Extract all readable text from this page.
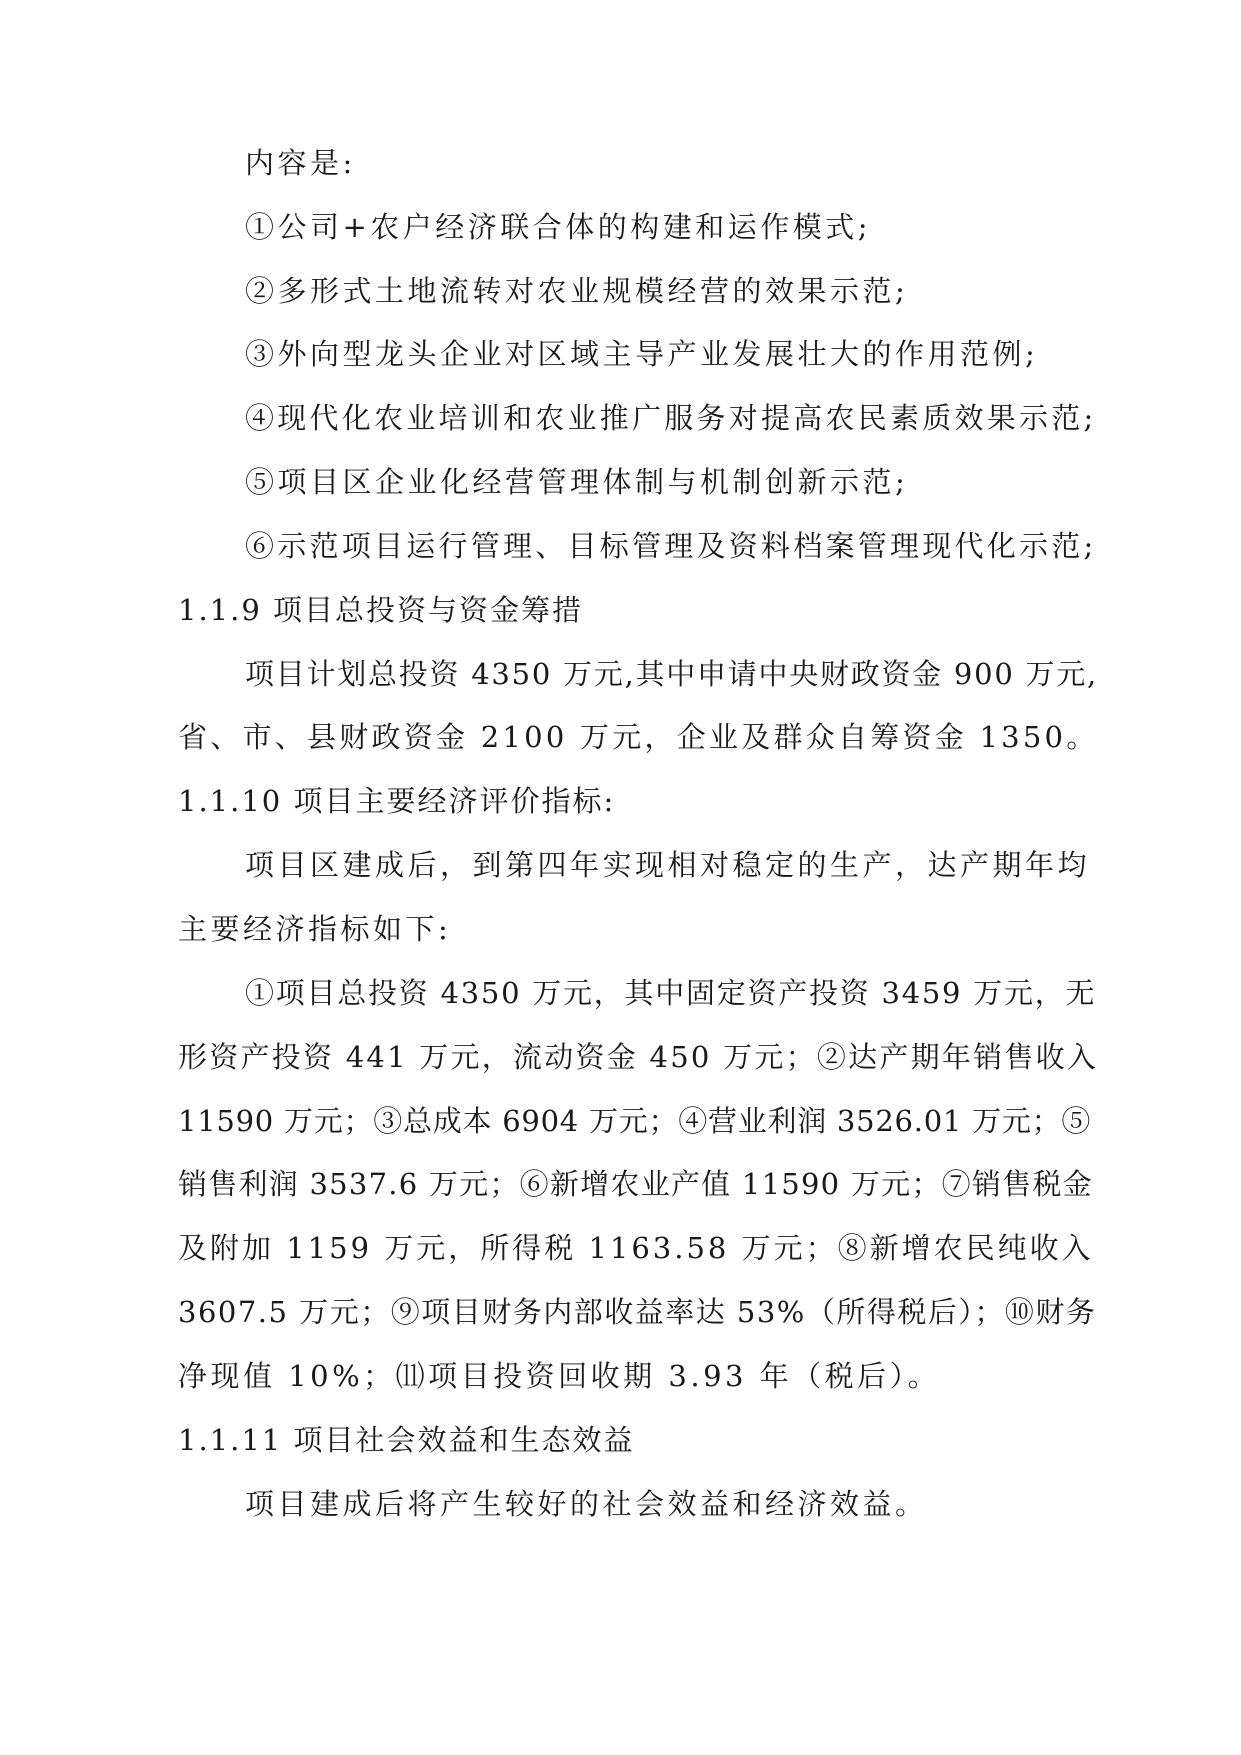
内容是:
①公司+农户经济联合体的构建和运作模式;
②多形式土地流转对农业规模经营的效果示范;
③外向型龙头企业对区域主导产业发展壮大的作用范例;
④现代化农业培训和农业推广服务对提高农民素质效果示范;
⑤项目区企业化经营管理体制与机制创新示范;
⑥示范项目运行管理、目标管理及资料档案管理现代化示范;
1.1.9 项目总投资与资金筹措
项目计划总投资 4350 万元,其中申请中央财政资金 900 万元,
省、市、县财政资金 2100 万元，企业及群众自筹资金 1350。
1.1.10 项目主要经济评价指标:
项目区建成后，到第四年实现相对稳定的生产，达产期年均
主要经济指标如下:
①项目总投资 4350 万元，其中固定资产投资 3459 万元，无
形资产投资 441 万元，流动资金 450 万元；②达产期年销售收入
11590 万元；③总成本 6904 万元；④营业利润 3526.01 万元；⑤
销售利润 3537.6 万元；⑥新增农业产值 11590 万元；⑦销售税金
及附加 1159 万元，所得税 1163.58 万元；⑧新增农民纯收入
3607.5 万元；⑨项目财务内部收益率达 53%（所得税后）；⑩财务
净现值 10%；⑾项目投资回收期 3.93 年（税后）。
1.1.11 项目社会效益和生态效益
项目建成后将产生较好的社会效益和经济效益。
